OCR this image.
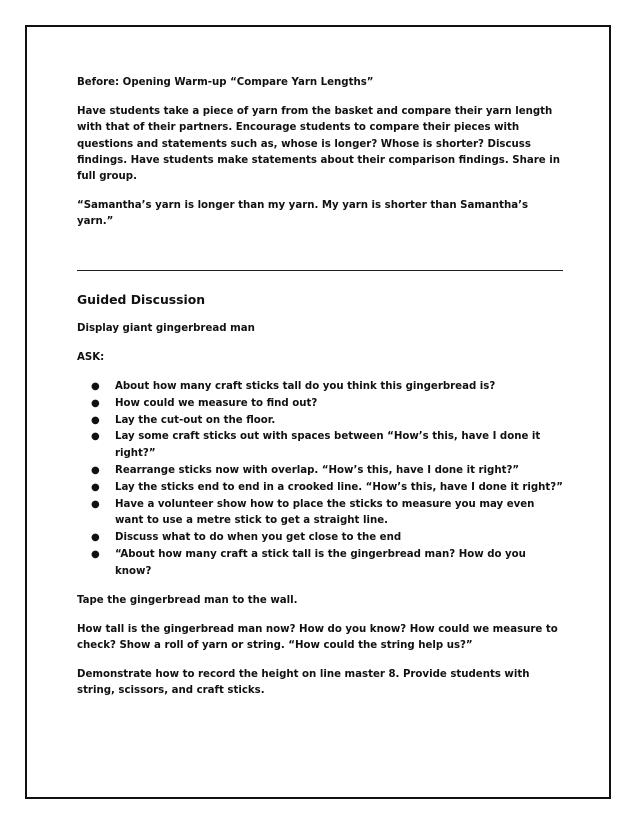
Before: Opening Warm-up “Compare Yarn Lengths”

Have students take a piece of yarn from the basket and compare their yarn length with that of their partners. Encourage students to compare their pieces with questions and statements such as, whose is longer? Whose is shorter? Discuss findings. Have students make statements about their comparison findings. Share in full group.

“Samantha’s yarn is longer than my yarn. My yarn is shorter than Samantha’s yarn.”

Guided Discussion

Display giant gingerbread man

ASK:

● About how many craft sticks tall do you think this gingerbread is?
● How could we measure to find out?
● Lay the cut-out on the floor.
● Lay some craft sticks out with spaces between “How’s this, have I done it right?”
● Rearrange sticks now with overlap. “How’s this, have I done it right?”
● Lay the sticks end to end in a crooked line. “How’s this, have I done it right?”
● Have a volunteer show how to place the sticks to measure you may even want to use a metre stick to get a straight line.
● Discuss what to do when you get close to the end
● “About how many craft a stick tall is the gingerbread man? How do you know?

Tape the gingerbread man to the wall.

How tall is the gingerbread man now? How do you know? How could we measure to check? Show a roll of yarn or string. “How could the string help us?”

Demonstrate how to record the height on line master 8. Provide students with string, scissors, and craft sticks.
